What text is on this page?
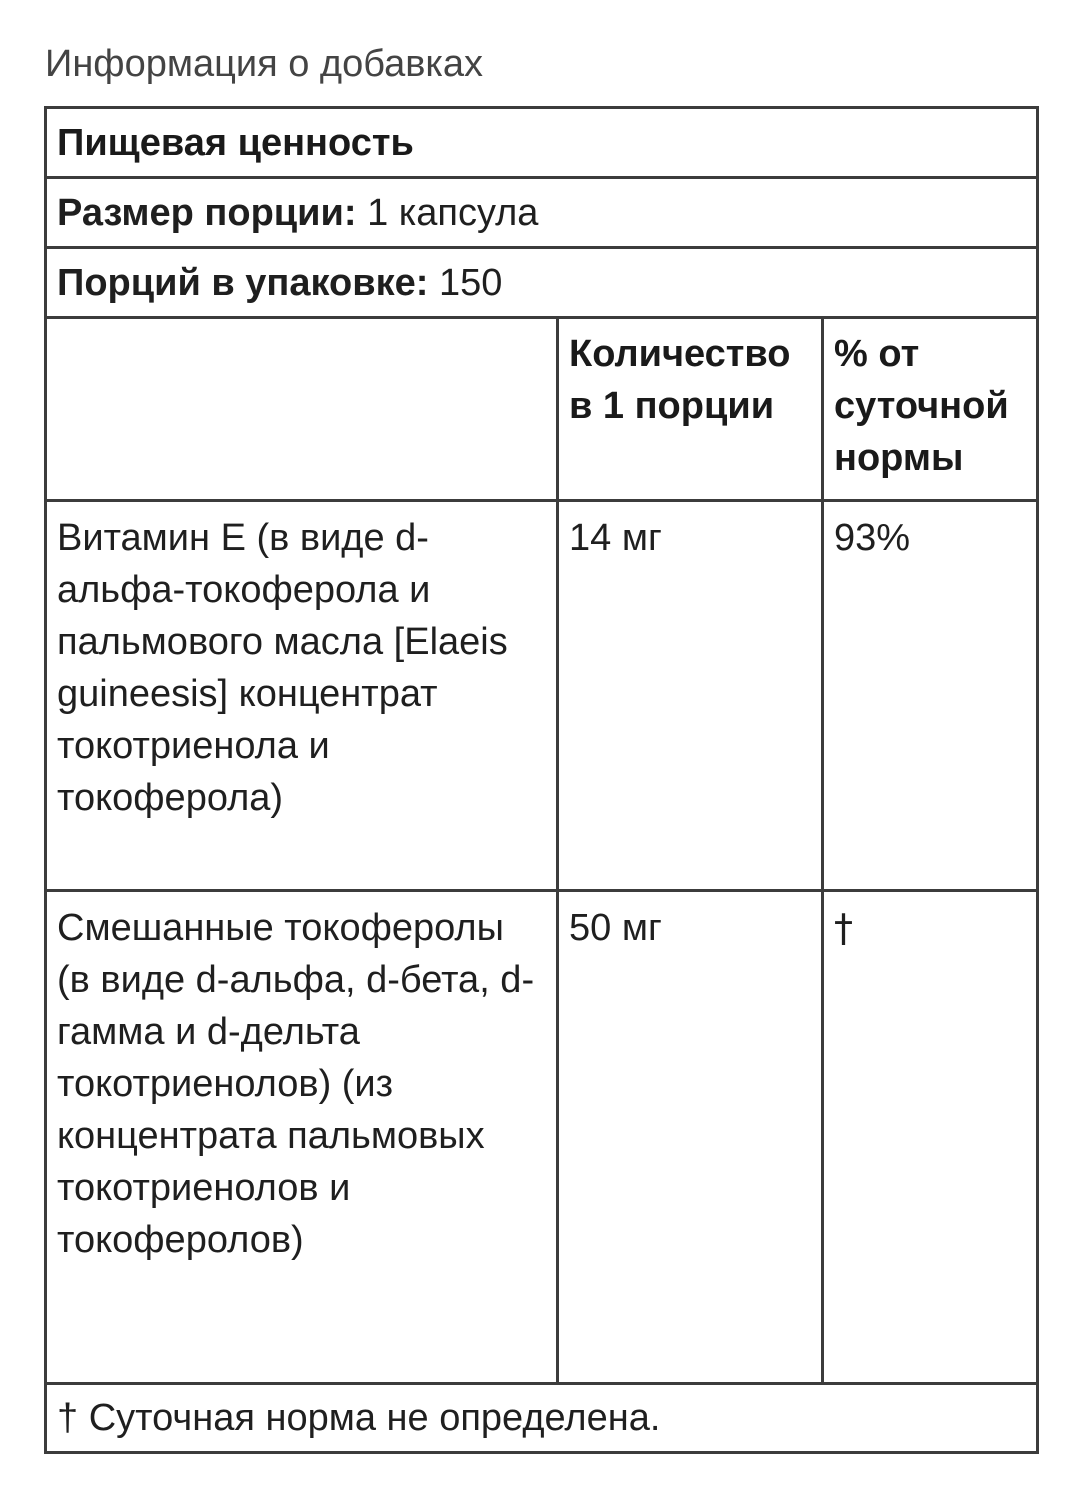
Информация о добавках
Пищевая ценность		
Размер порции: 1 капсула		
Порций в упаковке: 150		
	Количество в 1 порции	% от суточной нормы
Витамин E (в виде d-альфа-токоферола и пальмового масла [Elaeis guineesis] концентрат токотриенола и токоферола)	14 мг	93%
Смешанные токоферолы (в виде d-альфа, d-бета, d-гамма и d-дельта токотриенолов) (из концентрата пальмовых токотриенолов и токоферолов)	50 мг	†
† Суточная норма не определена.		
